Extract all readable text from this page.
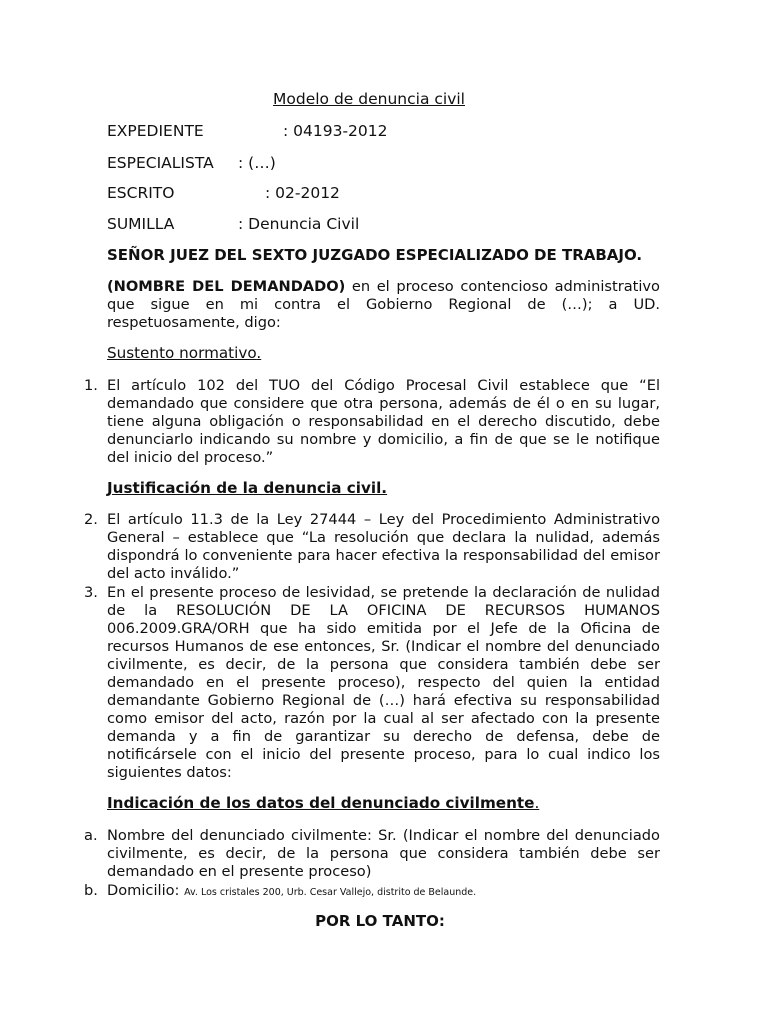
Modelo de denuncia civil
EXPEDIENTE	: 04193-2012
ESPECIALISTA : (…)
ESCRITO	: 02-2012
SUMILLA	: Denuncia Civil
SEÑOR JUEZ DEL SEXTO JUZGADO ESPECIALIZADO DE TRABAJO.
(NOMBRE DEL DEMANDADO) en el proceso contencioso administrativo que sigue en mi contra el Gobierno Regional de (…); a UD. respetuosamente, digo:
Sustento normativo.
1. El artículo 102 del TUO del Código Procesal Civil establece que “El demandado que considere que otra persona, además de él o en su lugar, tiene alguna obligación o responsabilidad en el derecho discutido, debe denunciarlo indicando su nombre y domicilio, a fin de que se le notifique del inicio del proceso.”
Justificación de la denuncia civil.
2. El artículo 11.3 de la Ley 27444 – Ley del Procedimiento Administrativo General – establece que “La resolución que declara la nulidad, además dispondrá lo conveniente para hacer efectiva la responsabilidad del emisor del acto inválido.”
3. En el presente proceso de lesividad, se pretende la declaración de nulidad de la RESOLUCIÓN DE LA OFICINA DE RECURSOS HUMANOS 006.2009.GRA/ORH que ha sido emitida por el Jefe de la Oficina de recursos Humanos de ese entonces, Sr. (Indicar el nombre del denunciado civilmente, es decir, de la persona que considera también debe ser demandado en el presente proceso), respecto del quien la entidad demandante Gobierno Regional de (…) hará efectiva su responsabilidad como emisor del acto, razón por la cual al ser afectado con la presente demanda y a fin de garantizar su derecho de defensa, debe de notificársele con el inicio del presente proceso, para lo cual indico los siguientes datos:
Indicación de los datos del denunciado civilmente.
a. Nombre del denunciado civilmente: Sr. (Indicar el nombre del denunciado civilmente, es decir, de la persona que considera también debe ser demandado en el presente proceso)
b. Domicilio: Av. Los cristales 200, Urb. Cesar Vallejo, distrito de Belaunde.
POR LO TANTO:
